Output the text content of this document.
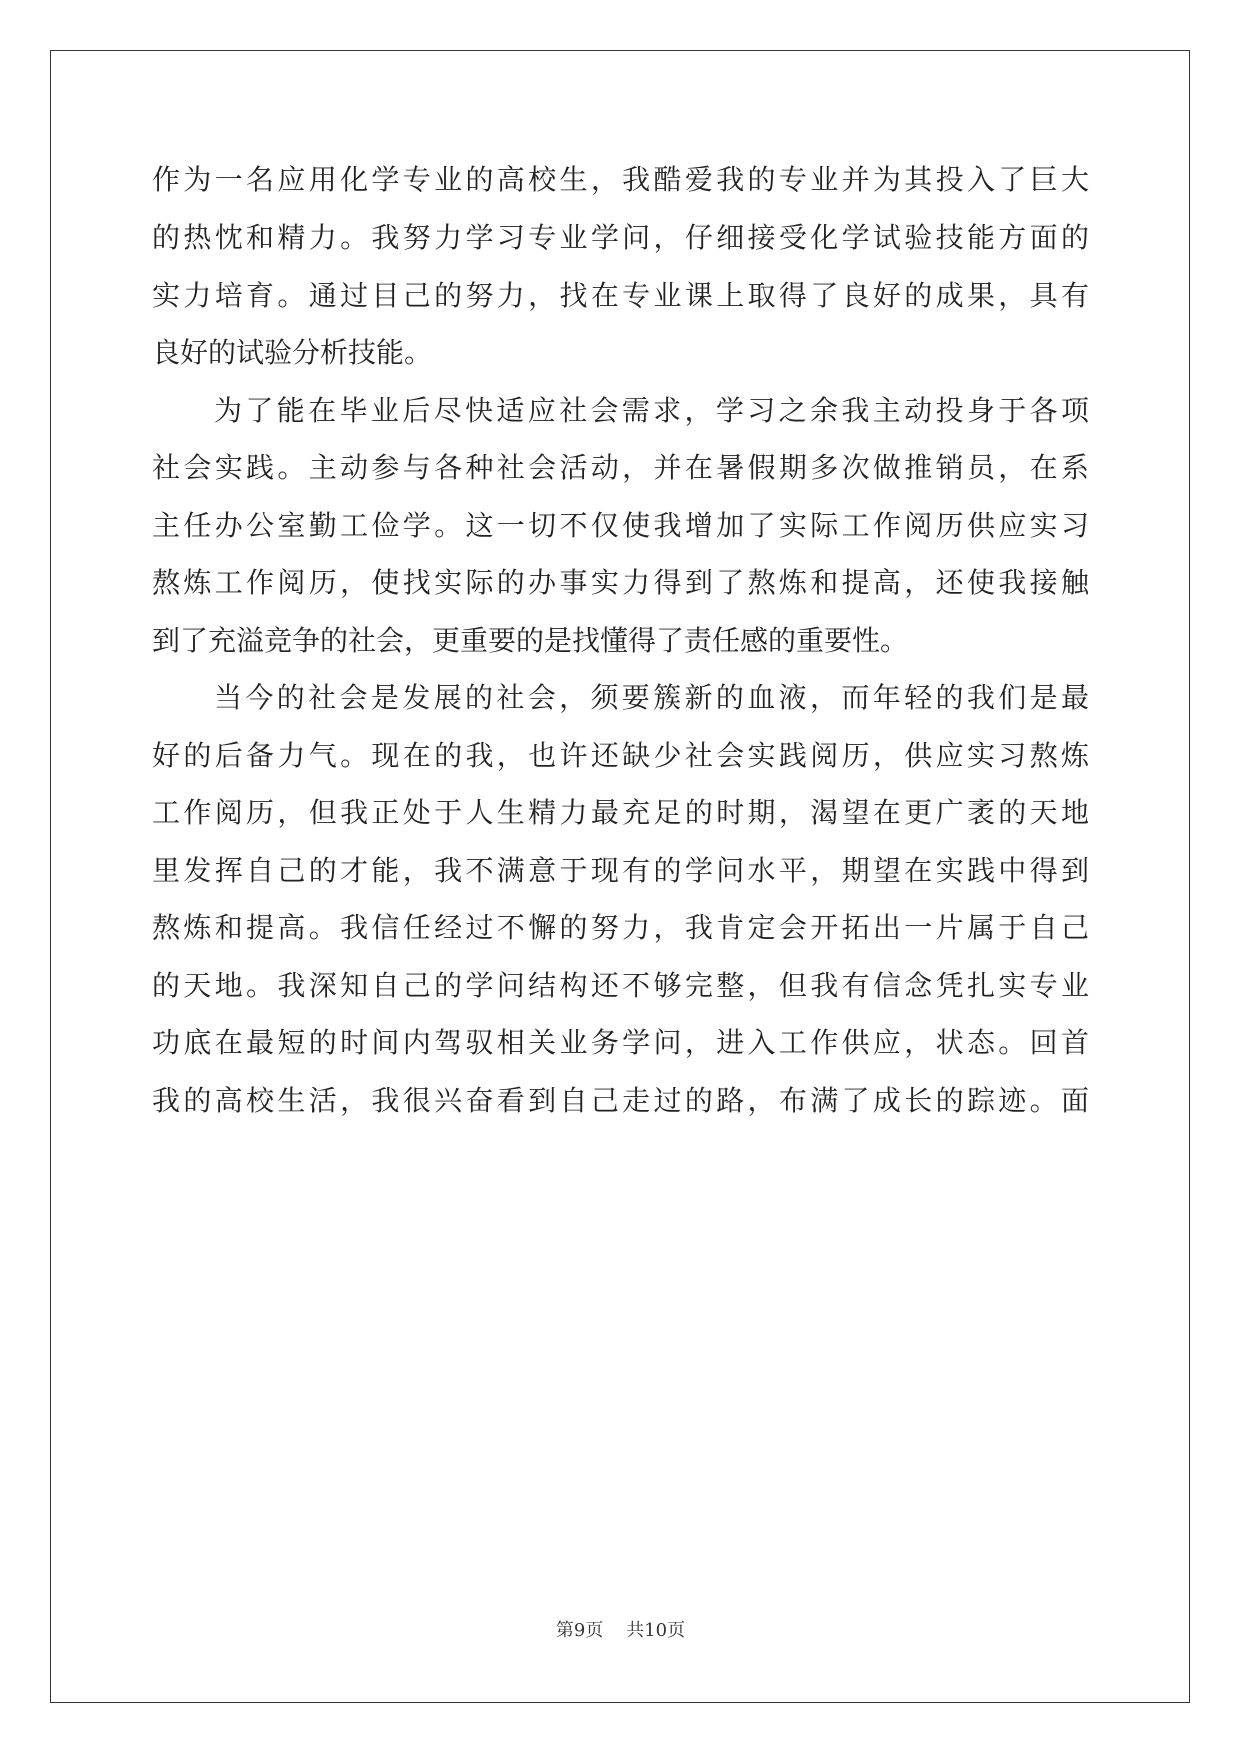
作为一名应用化学专业的高校生，我酷爱我的专业并为其投入了巨大
的热忱和精力。我努力学习专业学问，仔细接受化学试验技能方面的
实力培育。通过目己的努力，找在专业课上取得了良好的成果，具有
良好的试验分析技能。
为了能在毕业后尽快适应社会需求，学习之余我主动投身于各项
社会实践。主动参与各种社会活动，并在暑假期多次做推销员，在系
主任办公室勤工俭学。这一切不仅使我增加了实际工作阅历供应实习
熬炼工作阅历，使找实际的办事实力得到了熬炼和提高，还使我接触
到了充溢竞争的社会，更重要的是找懂得了责任感的重要性。
当今的社会是发展的社会，须要簇新的血液，而年轻的我们是最
好的后备力气。现在的我，也许还缺少社会实践阅历，供应实习熬炼
工作阅历，但我正处于人生精力最充足的时期，渴望在更广袤的天地
里发挥自己的才能，我不满意于现有的学问水平，期望在实践中得到
熬炼和提高。我信任经过不懈的努力，我肯定会开拓出一片属于自己
的天地。我深知自己的学问结构还不够完整，但我有信念凭扎实专业
功底在最短的时间内驾驭相关业务学问，进入工作供应，状态。回首
我的高校生活，我很兴奋看到自己走过的路，布满了成长的踪迹。面
第9页 共10页
